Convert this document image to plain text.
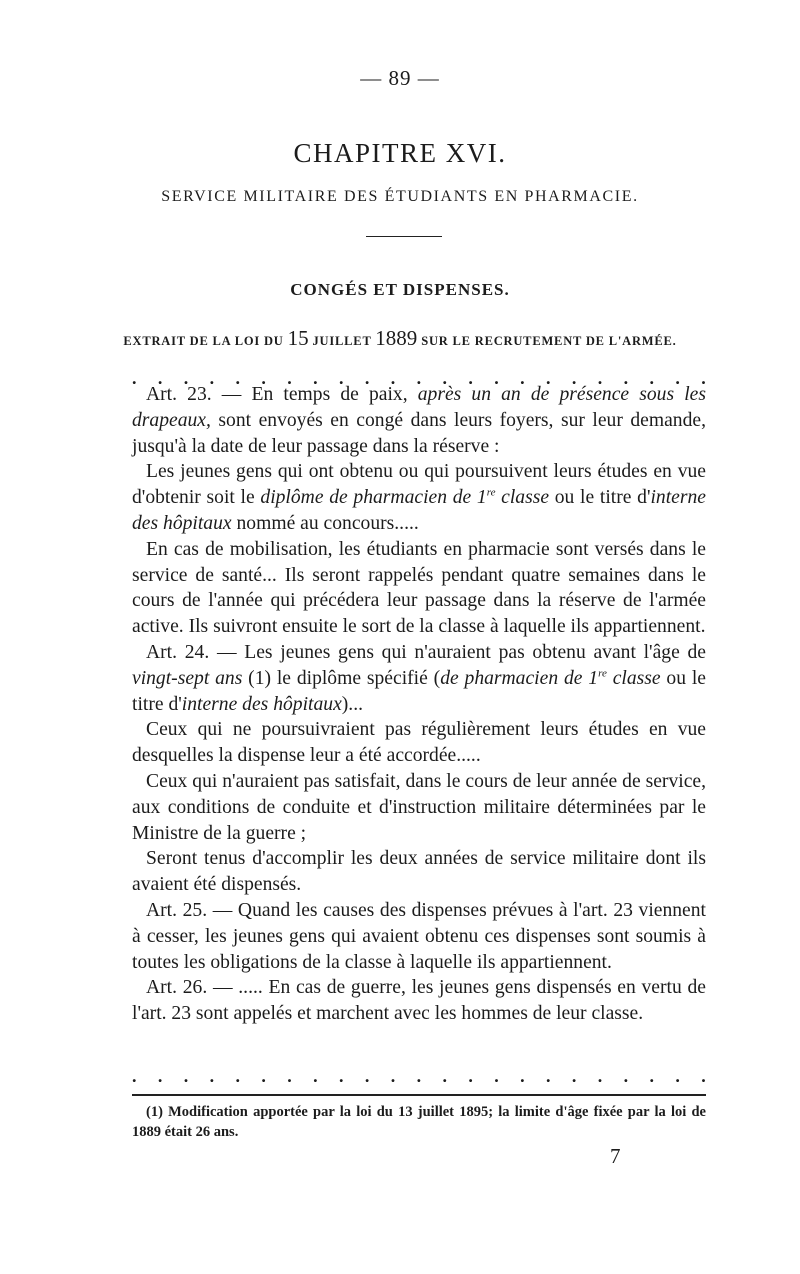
— 89 —
CHAPITRE XVI.
SERVICE MILITAIRE DES ÉTUDIANTS EN PHARMACIE.
CONGÉS ET DISPENSES.
EXTRAIT DE LA LOI DU 15 JUILLET 1889 SUR LE RECRUTEMENT DE L'ARMÉE.
. . . . . . . . . . . . . . . . . . . . . . .

Art. 23. — En temps de paix, après un an de présence sous les drapeaux, sont envoyés en congé dans leurs foyers, sur leur demande, jusqu'à la date de leur passage dans la réserve :

Les jeunes gens qui ont obtenu ou qui poursuivent leurs études en vue d'obtenir soit le diplôme de pharmacien de 1re classe ou le titre d'interne des hôpitaux nommé au concours.....

En cas de mobilisation, les étudiants en pharmacie sont versés dans le service de santé... Ils seront rappelés pendant quatre semaines dans le cours de l'année qui précédera leur passage dans la réserve de l'armée active. Ils suivront ensuite le sort de la classe à laquelle ils appartiennent.

Art. 24. — Les jeunes gens qui n'auraient pas obtenu avant l'âge de vingt-sept ans (1) le diplôme spécifié (de pharmacien de 1re classe ou le titre d'interne des hôpitaux)...

Ceux qui ne poursuivraient pas régulièrement leurs études en vue desquelles la dispense leur a été accordée.....

Ceux qui n'auraient pas satisfait, dans le cours de leur année de service, aux conditions de conduite et d'instruction militaire déterminées par le Ministre de la guerre ;

Seront tenus d'accomplir les deux années de service militaire dont ils avaient été dispensés.

Art. 25. — Quand les causes des dispenses prévues à l'art. 23 viennent à cesser, les jeunes gens qui avaient obtenu ces dispenses sont soumis à toutes les obligations de la classe à laquelle ils appartiennent.

Art. 26. — ..... En cas de guerre, les jeunes gens dispensés en vertu de l'art. 23 sont appelés et marchent avec les hommes de leur classe.

. . . . . . . . . . . . . . . . . . . . . . .

(1) Modification apportée par la loi du 13 juillet 1895; la limite d'âge fixée par la loi de 1889 était 26 ans.

7
